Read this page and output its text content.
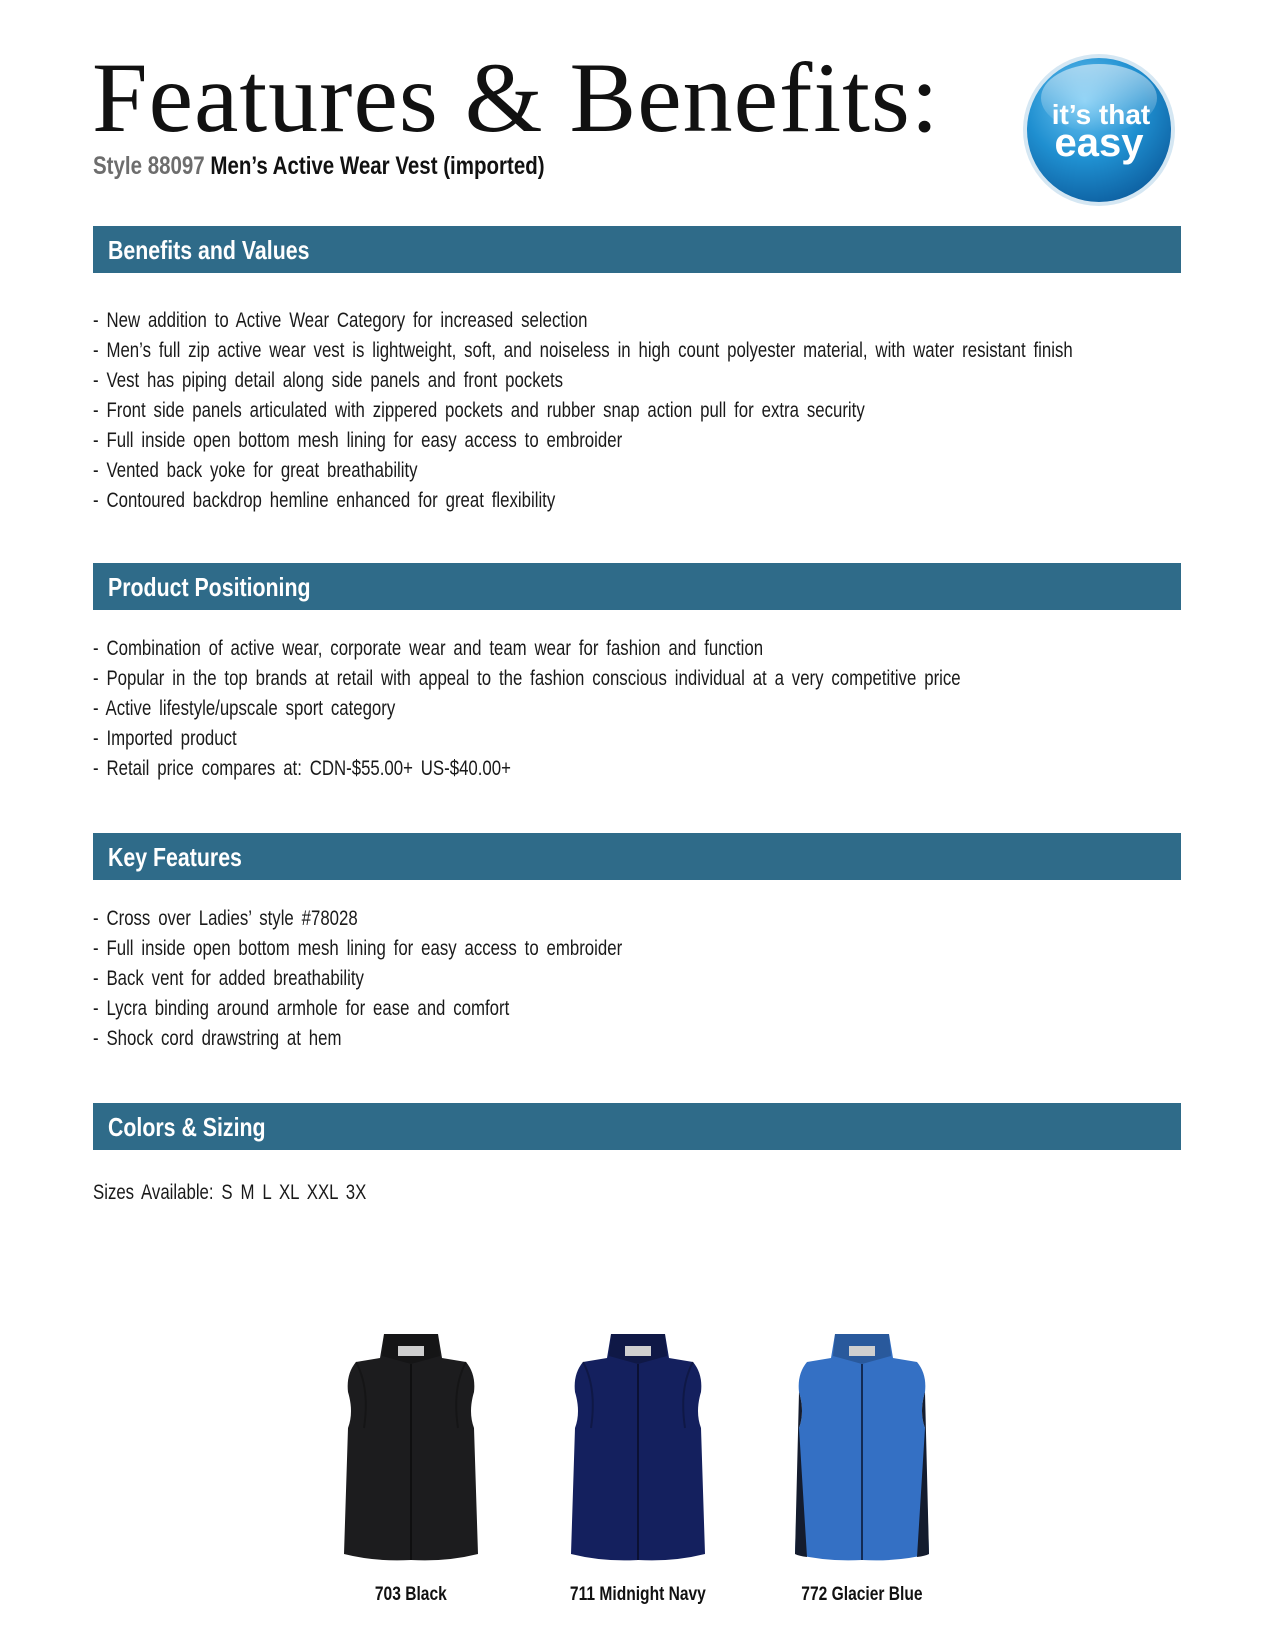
Features & Benefits:
Style 88097 Men’s Active Wear Vest (imported)
it’s that
easy
Benefits and Values
- New addition to Active Wear Category for increased selection
- Men’s full zip active wear vest is lightweight, soft, and noiseless in high count polyester material, with water resistant finish
- Vest has piping detail along side panels and front pockets
- Front side panels articulated with zippered pockets and rubber snap action pull for extra security
- Full inside open bottom mesh lining for easy access to embroider
- Vented back yoke for great breathability
- Contoured backdrop hemline enhanced for great flexibility
Product Positioning
- Combination of active wear, corporate wear and team wear for fashion and function
- Popular in the top brands at retail with appeal to the fashion conscious individual at a very competitive price
- Active lifestyle/upscale sport category
- Imported product
- Retail price compares at: CDN-$55.00+ US-$40.00+
Key Features
- Cross over Ladies’ style #78028
- Full inside open bottom mesh lining for easy access to embroider
- Back vent for added breathability
- Lycra binding around armhole for ease and comfort
- Shock cord drawstring at hem
Colors & Sizing
Sizes Available: S M L XL XXL 3X
703 Black	711 Midnight Navy	772 Glacier Blue
